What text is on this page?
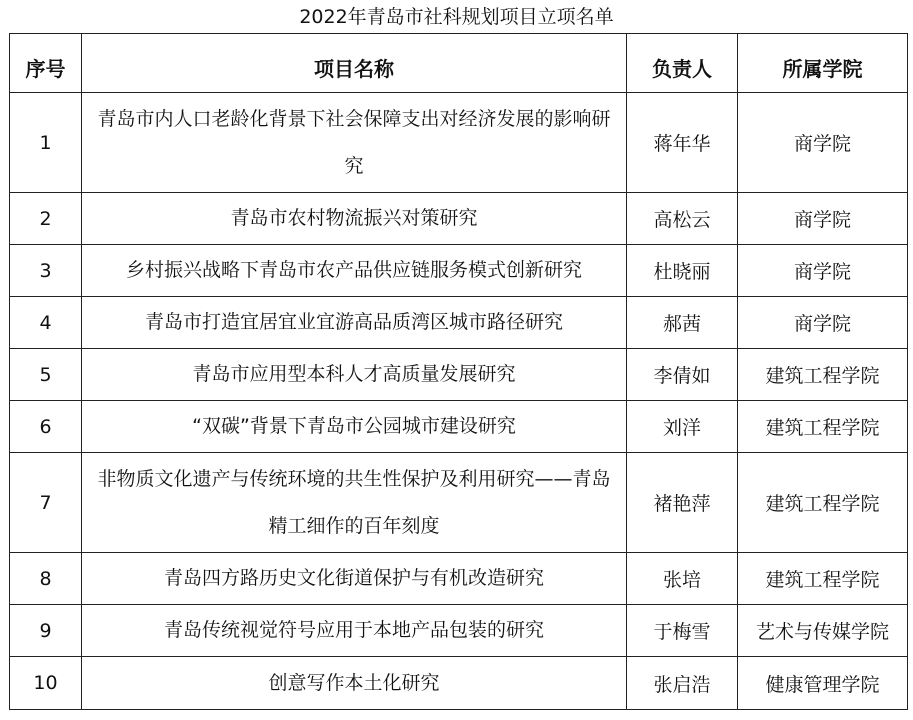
2022年青岛市社科规划项目立项名单
序号	项目名称	负责人	所属学院
1	青岛市内人口老龄化背景下社会保障支出对经济发展的影响研究	蒋年华	商学院
2	青岛市农村物流振兴对策研究	高松云	商学院
3	乡村振兴战略下青岛市农产品供应链服务模式创新研究	杜晓丽	商学院
4	青岛市打造宜居宜业宜游高品质湾区城市路径研究	郝茜	商学院
5	青岛市应用型本科人才高质量发展研究	李倩如	建筑工程学院
6	“双碳”背景下青岛市公园城市建设研究	刘洋	建筑工程学院
7	非物质文化遗产与传统环境的共生性保护及利用研究——青岛精工细作的百年刻度	褚艳萍	建筑工程学院
8	青岛四方路历史文化街道保护与有机改造研究	张培	建筑工程学院
9	青岛传统视觉符号应用于本地产品包装的研究	于梅雪	艺术与传媒学院
10	创意写作本土化研究	张启浩	健康管理学院
